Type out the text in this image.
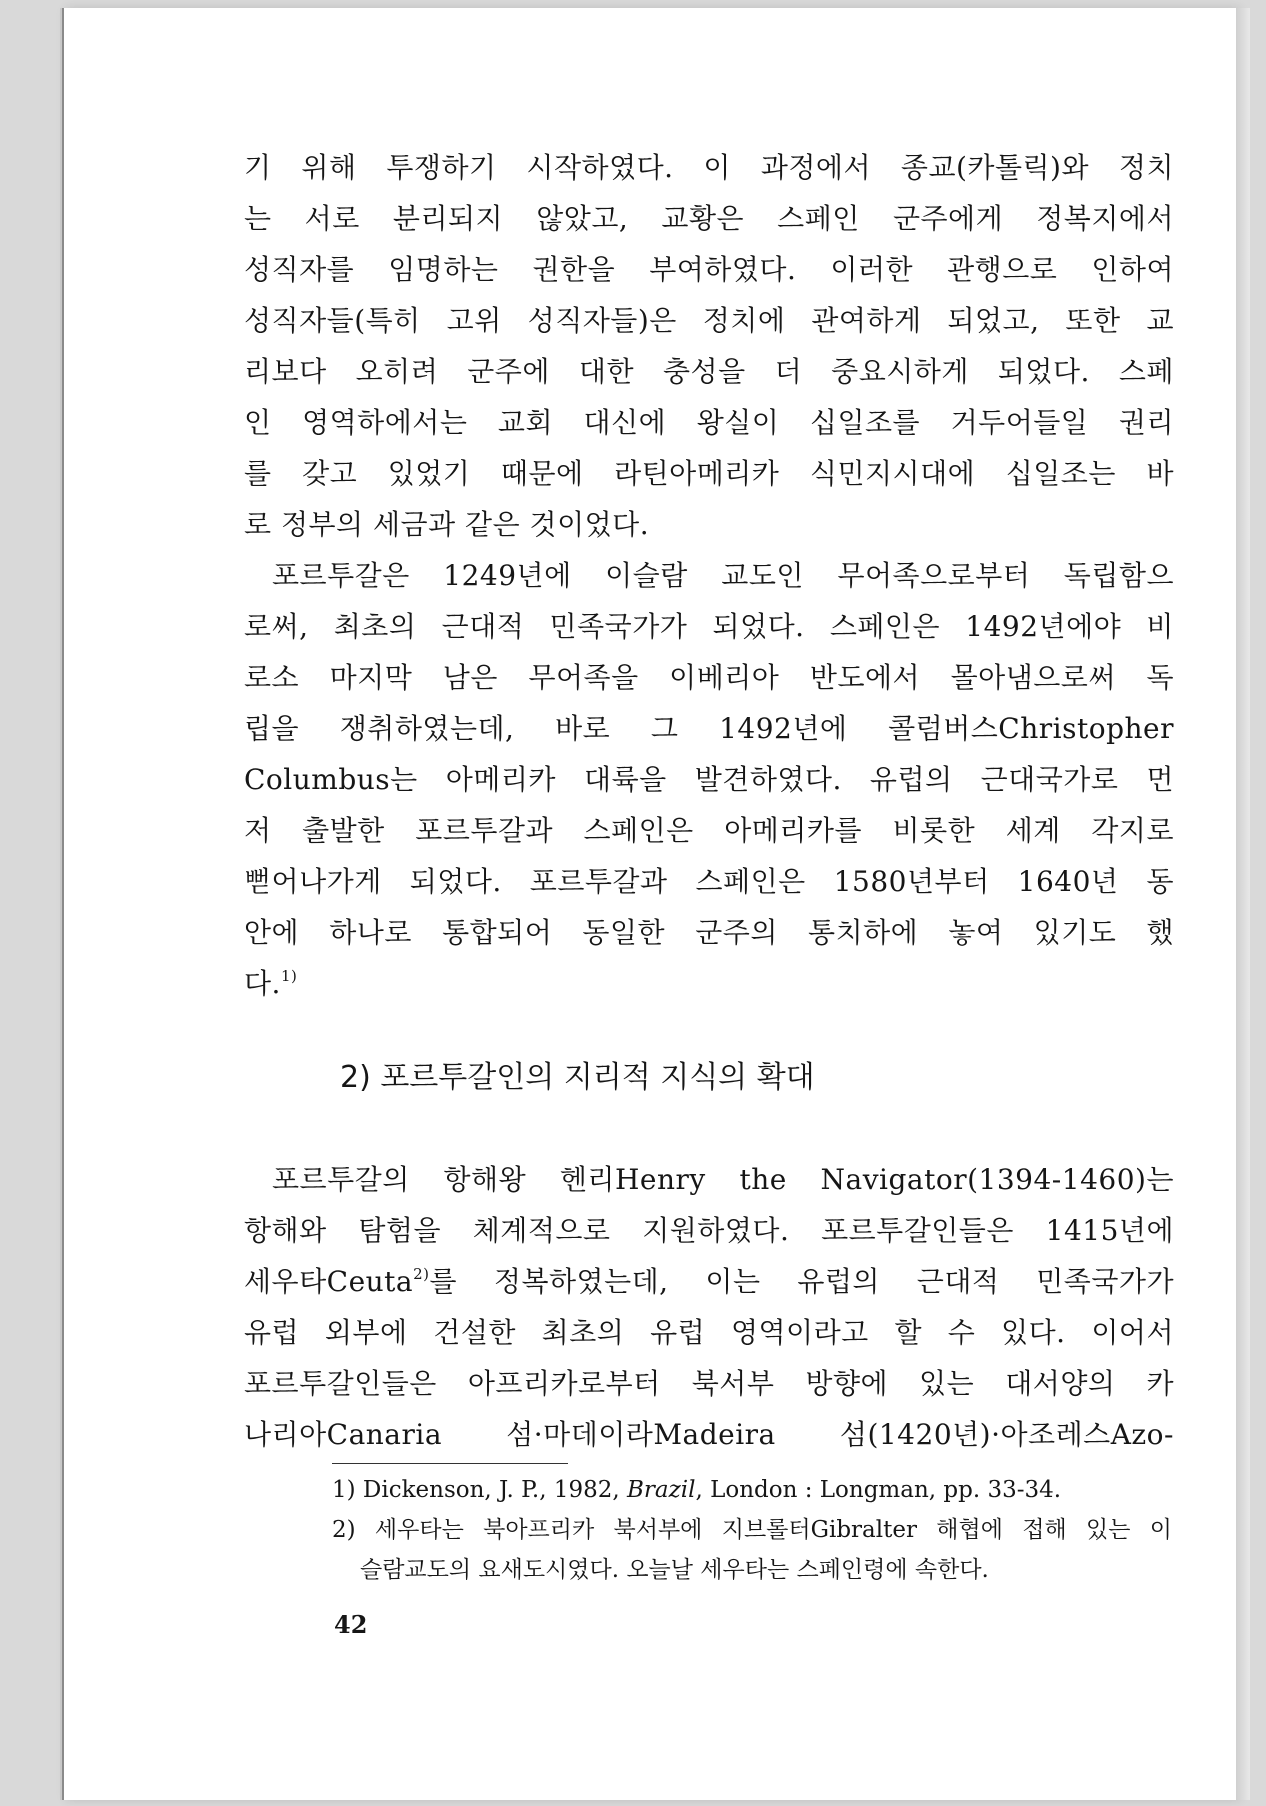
기 위해 투쟁하기 시작하였다. 이 과정에서 종교(카톨릭)와 정치
는 서로 분리되지 않았고, 교황은 스페인 군주에게 정복지에서
성직자를 임명하는 권한을 부여하였다. 이러한 관행으로 인하여
성직자들(특히 고위 성직자들)은 정치에 관여하게 되었고, 또한 교
리보다 오히려 군주에 대한 충성을 더 중요시하게 되었다. 스페
인 영역하에서는 교회 대신에 왕실이 십일조를 거두어들일 권리
를 갖고 있었기 때문에 라틴아메리카 식민지시대에 십일조는 바
로 정부의 세금과 같은 것이었다.
포르투갈은 1249년에 이슬람 교도인 무어족으로부터 독립함으
로써, 최초의 근대적 민족국가가 되었다. 스페인은 1492년에야 비
로소 마지막 남은 무어족을 이베리아 반도에서 몰아냄으로써 독
립을 쟁취하였는데, 바로 그 1492년에 콜럼버스Christopher
Columbus는 아메리카 대륙을 발견하였다. 유럽의 근대국가로 먼
저 출발한 포르투갈과 스페인은 아메리카를 비롯한 세계 각지로
뻗어나가게 되었다. 포르투갈과 스페인은 1580년부터 1640년 동
안에 하나로 통합되어 동일한 군주의 통치하에 놓여 있기도 했
다.$^{1)}$
2) 포르투갈인의 지리적 지식의 확대
포르투갈의 항해왕 헨리Henry the Navigator(1394-1460)는
항해와 탐험을 체계적으로 지원하였다. 포르투갈인들은 1415년에
세우타Ceuta$^{2)}$를 정복하였는데, 이는 유럽의 근대적 민족국가가
유럽 외부에 건설한 최초의 유럽 영역이라고 할 수 있다. 이어서
포르투갈인들은 아프리카로부터 북서부 방향에 있는 대서양의 카
나리아Canaria 섬·마데이라Madeira 섬(1420년)·아조레스Azo-
1) Dickenson, J. P., 1982, Brazil, London : Longman, pp. 33-34.
2) 세우타는 북아프리카 북서부에 지브롤터Gibralter 해협에 접해 있는 이
슬람교도의 요새도시였다. 오늘날 세우타는 스페인령에 속한다.
42
